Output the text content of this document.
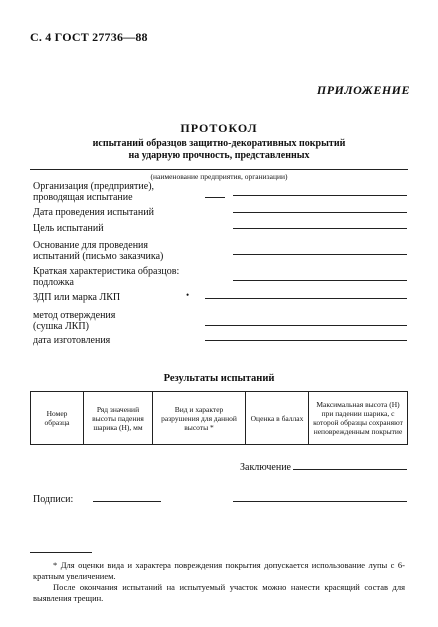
С. 4 ГОСТ 27736—88
ПРИЛОЖЕНИЕ
ПРОТОКОЛ
испытаний образцов защитно-декоративных покрытий
на ударную прочность, представленных
(наименование предприятия, организации)
Организация (предприятие),
проводящая испытание
Дата проведения испытаний
Цель испытаний
Основание для проведения
испытаний (письмо заказчика)
Краткая характеристика образцов:
подложка
ЗДП или марка ЛКП	•
метод отверждения
(сушка ЛКП)
дата изготовления
Результаты испытаний
Номер образца	Ряд значений высоты падения шарика (Н), мм	Вид и характер разрушения для данной высоты *	Оценка в баллах	Максимальная высота (Н) при падении шарика, с которой образцы сохраняют неповрежденным покрытие
Заключение
Подписи:
* Для оценки вида и характера повреждения покрытия допускается использование лупы с 6-кратным увеличением.
После окончания испытаний на испытуемый участок можно нанести красящий состав для выявления трещин.
